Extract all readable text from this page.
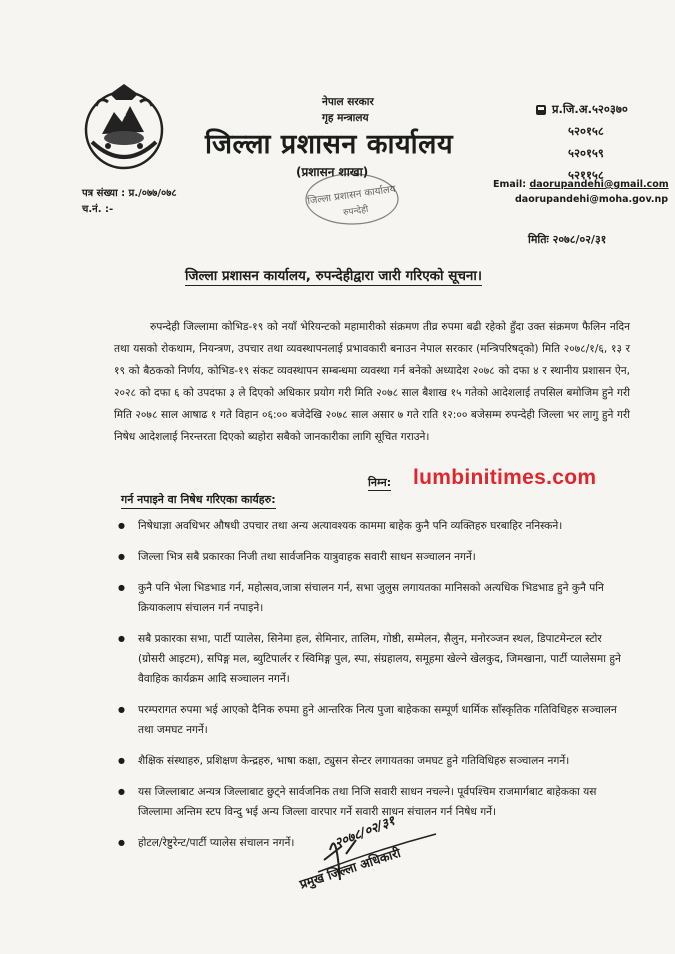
नेपाल सरकार
गृह मन्त्रालय
जिल्ला प्रशासन कार्यालय
(प्रशासन शाखा)
जिल्ला प्रशासन कार्यालय
रुपन्देही
प्र.जि.अ.५२०३७०
५२०१५८
५२०१५९
५२११५८
Email: daorupandehi@gmail.com
daorupandehi@moha.gov.np
पत्र संख्या : प्र./०७७/०७८
च.नं. :-
मितिः २०७८/०२/३१
जिल्ला प्रशासन कार्यालय, रुपन्देहीद्वारा जारी गरिएको सूचना।
रुपन्देही जिल्लामा कोभिड-१९ को नयाँ भेरियन्टको महामारीको संक्रमण तीव्र रुपमा बढी रहेको हुँदा उक्त संक्रमण फैलिन नदिन तथा यसको रोकथाम, नियन्त्रण, उपचार तथा व्यवस्थापनलाई प्रभावकारी बनाउन नेपाल सरकार (मन्त्रिपरिषद्को) मिति २०७८/१/६, १३ र १९ को बैठकको निर्णय, कोभिड-१९ संकट व्यवस्थापन सम्बन्धमा व्यवस्था गर्न बनेको अध्यादेश २०७८ को दफा ४ र स्थानीय प्रशासन ऐन, २०२८ को दफा ६ को उपदफा ३ ले दिएको अधिकार प्रयोग गरी मिति २०७८ साल बैशाख १५ गतेको आदेशलाई तपसिल बमोजिम हुने गरी मिति २०७८ साल आषाढ १ गते विहान ०६:०० बजेदेखि २०७८ साल असार ७ गते राति १२:०० बजेसम्म रुपन्देही जिल्ला भर लागु हुने गरी निषेध आदेशलाई निरन्तरता दिएको ब्यहोरा सबैको जानकारीका लागि सूचित गराउने।
निम्न: lumbinitimes.com
गर्न नपाइने वा निषेध गरिएका कार्यहरु:
● निषेधाज्ञा अवधिभर औषधी उपचार तथा अन्य अत्यावश्यक काममा बाहेक कुनै पनि व्यक्तिहरु घरबाहिर ननिस्कने।
● जिल्ला भित्र सबै प्रकारका निजी तथा सार्वजनिक यात्रुवाहक सवारी साधन सञ्चालन नगर्ने।
● कुनै पनि भेला भिडभाड गर्न, महोत्सव,जात्रा संचालन गर्न, सभा जुलुस लगायतका मानिसको अत्यधिक भिडभाड हुने कुनै पनि क्रियाकलाप संचालन गर्न नपाइने।
● सबै प्रकारका सभा, पार्टी प्यालेस, सिनेमा हल, सेमिनार, तालिम, गोष्ठी, सम्मेलन, सैलुन, मनोरञ्जन स्थल, डिपाटमेन्टल स्टोर (ग्रोसरी आइटम), सपिङ्ग मल, ब्युटिपार्लर र स्विमिङ्ग पुल, स्पा, संग्रहालय, समूहमा खेल्ने खेलकुद, जिमखाना, पार्टी प्यालेसमा हुने वैवाहिक कार्यक्रम आदि सञ्चालन नगर्ने।
● परम्परागत रुपमा भई आएको दैनिक रुपमा हुने आन्तरिक नित्य पुजा बाहेकका सम्पूर्ण धार्मिक साँस्कृतिक गतिविधिहरु सञ्चालन तथा जमघट नगर्ने।
● शैक्षिक संस्थाहरु, प्रशिक्षण केन्द्रहरु, भाषा कक्षा, ट्युसन सेन्टर लगायतका जमघट हुने गतिविधिहरु सञ्चालन नगर्ने।
● यस जिल्लाबाट अन्यत्र जिल्लाबाट छुट्ने सार्वजनिक तथा निजि सवारी साधन नचल्ने। पूर्वपश्चिम राजमार्गबाट बाहेकका यस जिल्लामा अन्तिम स्टप विन्दु भई अन्य जिल्ला वारपार गर्ने सवारी साधन संचालन गर्न निषेध गर्ने।
● होटल/रेष्टुरेन्ट/पार्टी प्यालेस संचालन नगर्ने।	२०७८/०२/३१
प्रमुख जिल्ला अधिकारी
